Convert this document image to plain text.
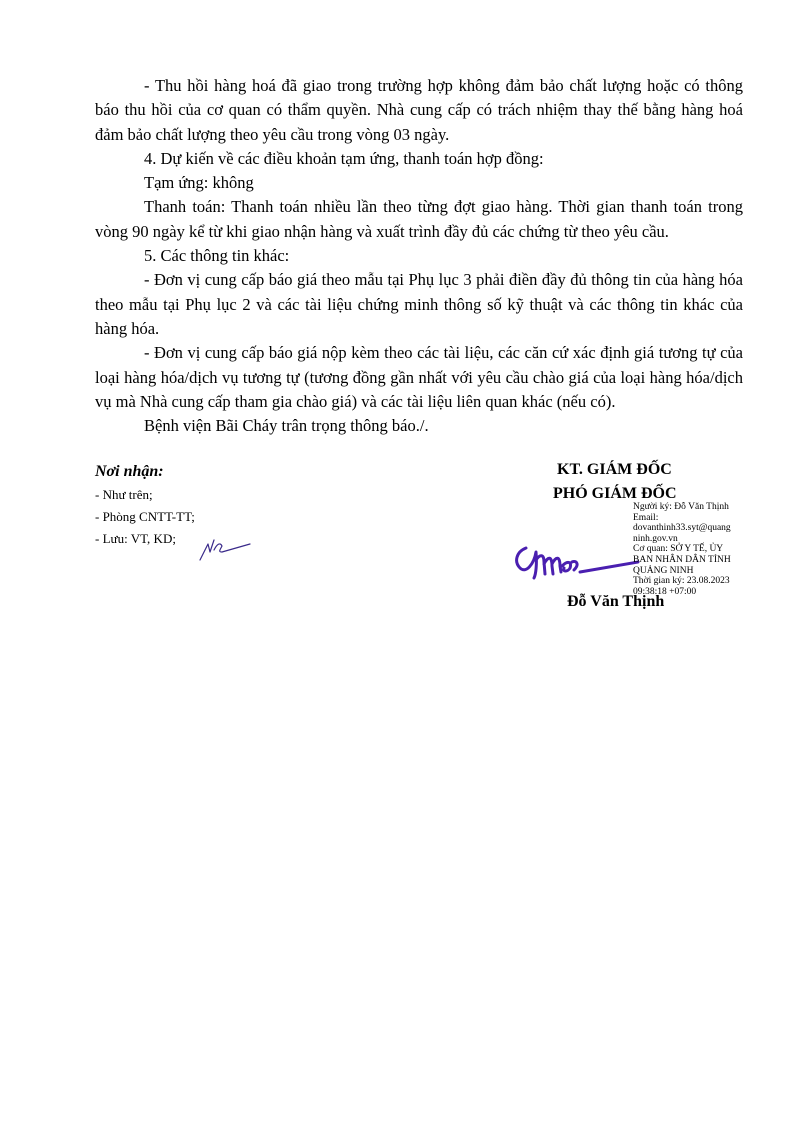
- Thu hồi hàng hoá đã giao trong trường hợp không đảm bảo chất lượng hoặc có thông báo thu hồi của cơ quan có thẩm quyền. Nhà cung cấp có trách nhiệm thay thế bằng hàng hoá đảm bảo chất lượng theo yêu cầu trong vòng 03 ngày.

4. Dự kiến về các điều khoản tạm ứng, thanh toán hợp đồng:

Tạm ứng: không

Thanh toán: Thanh toán nhiều lần theo từng đợt giao hàng. Thời gian thanh toán trong vòng 90 ngày kể từ khi giao nhận hàng và xuất trình đầy đủ các chứng từ theo yêu cầu.

5. Các thông tin khác:

- Đơn vị cung cấp báo giá theo mẫu tại Phụ lục 3 phải điền đầy đủ thông tin của hàng hóa theo mẫu tại Phụ lục 2 và các tài liệu chứng minh thông số kỹ thuật và các thông tin khác của hàng hóa.

- Đơn vị cung cấp báo giá nộp kèm theo các tài liệu, các căn cứ xác định giá tương tự của loại hàng hóa/dịch vụ tương tự (tương đồng gần nhất với yêu cầu chào giá của loại hàng hóa/dịch vụ mà Nhà cung cấp tham gia chào giá) và các tài liệu liên quan khác (nếu có).

Bệnh viện Bãi Cháy trân trọng thông báo./.

Nơi nhận:
- Như trên;
- Phòng CNTT-TT;
- Lưu: VT, KD;
KT. GIÁM ĐỐC
PHÓ GIÁM ĐỐC
Người ký: Đỗ Văn Thịnh
Email:
dovanthinh33.syt@quang
ninh.gov.vn
Cơ quan: SỞ Y TẾ, ỦY
BAN NHÂN DÂN TỈNH
QUẢNG NINH
Thời gian ký: 23.08.2023
09:38:18 +07:00
Đỗ Văn Thịnh
